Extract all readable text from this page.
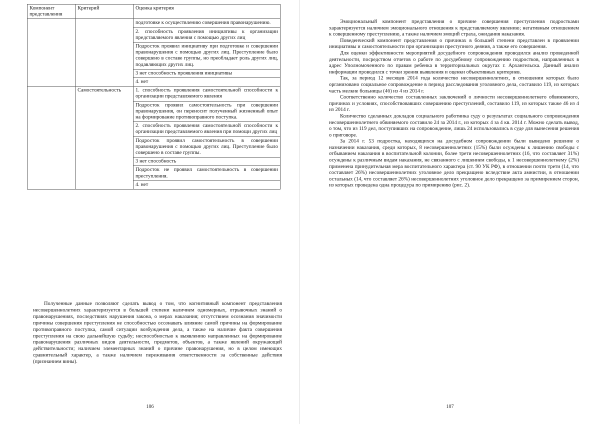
Компонент представления	Критерий	Оценка критерия
		подготовке к осуществлению совершения правонарушению.
		2. способность проявления инициативы к организации представляемого явления с помощью других лиц
		Подросток проявил инициативу при подготовке и совершении правонарушения с помощью других лиц. Преступление было совершено в составе группы, но преобладает роль других лиц, подавляющих других лиц.
		3 нет способность проявления инициативы
		4. нет
	Самостоятельность	1. способность проявления самостоятельной способности к организации представляемого явления
		Подросток проявил самостоятельность при совершении правонарушения, он переносит полученный жизненный опыт на формирование противоправного поступка.
		2. способность проявления самостоятельной способности к организации представляемого явления при помощи других лиц
		Подросток проявил самостоятельность в совершении правонарушения с помощью других лиц. Преступление было совершено в составе группы.
		3 нет способность
		Подросток не проявил самостоятельность в совершении преступления.
		4. нет

Полученные данные позволяют сделать вывод о том, что когнитивный компонент представления несовершеннолетних характеризуется в большей степени наличием одномерных, отрывочных знаний о правонарушениях, последствиях нарушения закона, о мерах наказания; отсутствием осознания значимости причины совершения преступления не способностью осознавать влияние самой причины на формирование противоправного поступка, самой ситуации возбуждения дела, а также на наличие факта совершения преступления на свою дальнейшую судьбу; неспособностью к выявлению направленных на формирование правонарушения различных видов деятельности, предметов, объектов, а также явлений окружающей действительности; наличием элементарных знаний о причине правонарушения, но в целом имеющих сравнительный характер, а также наличием переживания ответственности за собственные действия (признанием вины).

106

Эмоциональный компонент представления о причине совершения преступления подростками характеризуется наличием эмоционального отношения к представляемому явлению; негативным отношением к совершенному преступлению, а также наличием эмоций страха, ожидания наказания.

Поведенческий компонент представления о причинах в большей степени представлен в проявлении инициативы и самостоятельности при организации преступного деяния, а также его совершения.

Для оценки эффективности мероприятий досудебного сопровождения проводился анализ проведенной деятельности, посредством отчетов о работе по досудебному сопровождению подростков, направленных в адрес Уполномоченного по правам ребенка в территориальных округах г. Архангельска. Данный анализ информации проводился с точки зрения выявления и оценки объективных критериев.

Так, за период 12 месяцев 2014 года количество несовершеннолетних, в отношении которых было организовано социальное сопровождение в период расследования уголовного дела, составило 119, из которых часть мелкие больницы (46) из 4 из 2014 г.

Соответственно количество составленных заключений о личности несовершеннолетнего обвиняемого, причинах и условиях, способствовавших совершению преступлений, составило 119, из которых также 46 из 4 из 2014 г.

Количество сделанных докладов социального работника суду о результатах социального сопровождения несовершеннолетнего обвиняемого составило 24 за 2014 г., из которых 4 за 4 кв. 2014 г. Можно сделать вывод, о том, что из 119 дел, поступивших на сопровождение, лишь 24 использовались в суде для вынесения решения о приговоре.

За 2014 г. 53 подростка, находящихся на досудебном сопровождении были выведено решение о назначении наказания, среди которых, 8 несовершеннолетних (15%) были осуждены к лишению свободы с отбыванием наказания в воспитательной колонии, более трети несовершеннолетних (16, что составляет 31%) осуждены к различным видам наказания, не связанного с лишением свободы, к 1 несовершеннолетнему (2%) применена принудительная мера воспитательного характера (ст. 90 УК РФ), в отношении почти трети (14, что составляет 26%) несовершеннолетних уголовное дело прекращено вследствие акта амнистии, в отношении остальных (14, что составляет 26%) несовершеннолетних уголовное дело прекращено за примирением сторон, из которых проведена одна процедура по примирению (рис. 2).

107
